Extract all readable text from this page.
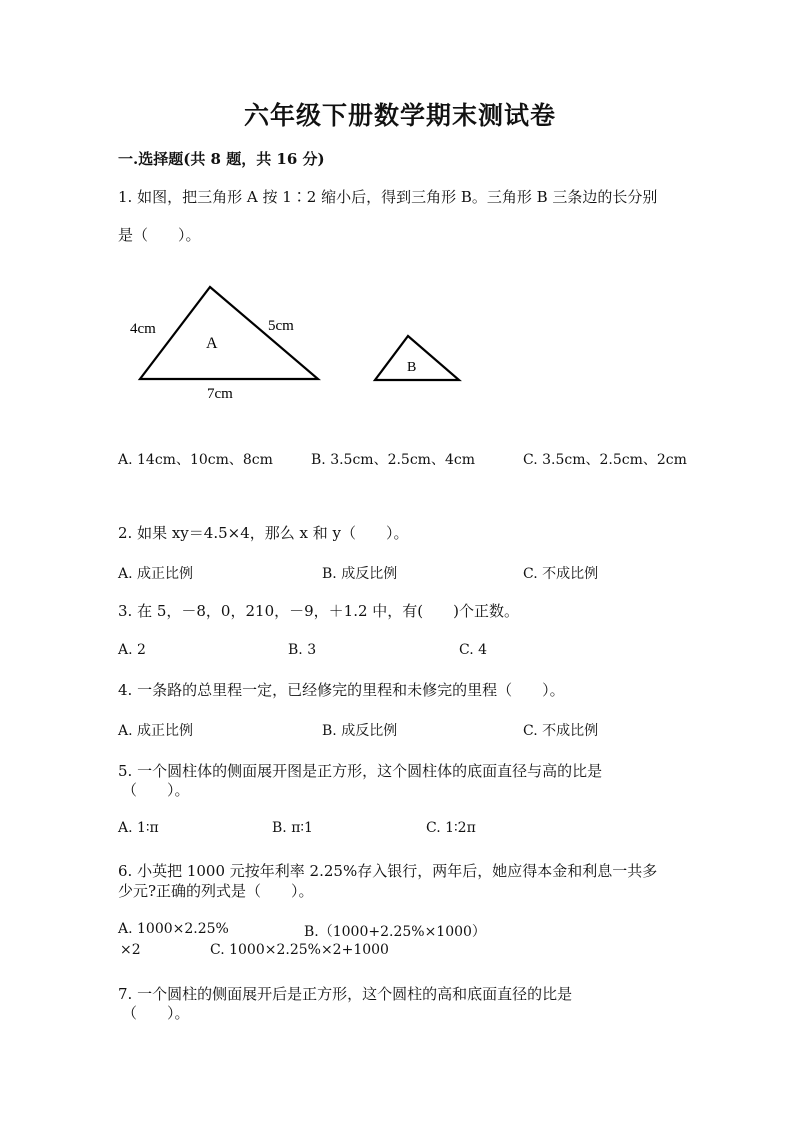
六年级下册数学期末测试卷
一.选择题(共 8 题，共 16 分)
1. 如图，把三角形 A 按 1∶2 缩小后，得到三角形 B。三角形 B 三条边的长分别
是（　　）。
4cm	5cm
7cm
A
B
A. 14cm、10cm、8cm	B. 3.5cm、2.5cm、4cm	C. 3.5cm、2.5cm、2cm
2. 如果 xy＝4.5×4，那么 x 和 y（　　）。
A. 成正比例	B. 成反比例	C. 不成比例
3. 在 5，－8，0，210，－9，＋1.2 中，有(　　)个正数。
A. 2	B. 3	C. 4
4. 一条路的总里程一定，已经修完的里程和未修完的里程（　　）。
A. 成正比例	B. 成反比例	C. 不成比例
5. 一个圆柱体的侧面展开图是正方形，这个圆柱体的底面直径与高的比是
（　　）。
A. 1∶π	B. π∶1	C. 1∶2π
6. 小英把 1000 元按年利率 2.25%存入银行，两年后，她应得本金和利息一共多
少元?正确的列式是（　　）。
A. 1000×2.25%	B.（1000+2.25%×1000）
×2	C. 1000×2.25%×2+1000
7. 一个圆柱的侧面展开后是正方形，这个圆柱的高和底面直径的比是
（　　）。
